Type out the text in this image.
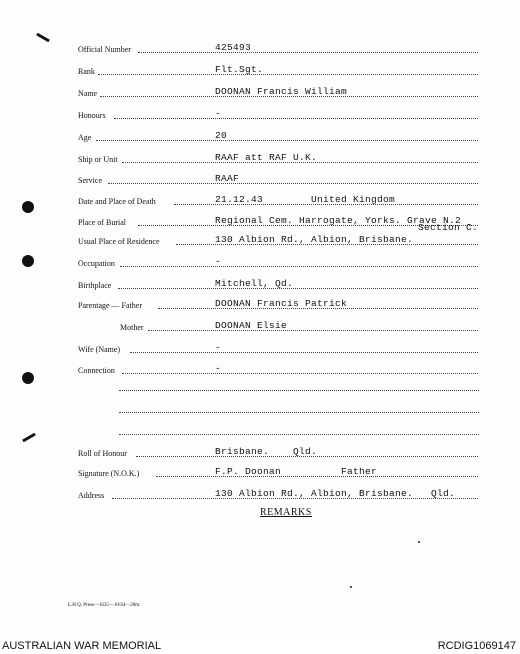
Official Number	425493
Rank	Flt.Sgt.
Name	DOONAN Francis William
Honours	-
Age	20
Ship or Unit	RAAF att RAF U.K.
Service	RAAF
Date and Place of Death	21.12.43        United Kingdom
Place of Burial	Regional Cem. Harrogate, Yorks. Grave N.2
Section C.
Usual Place of Residence	130 Albion Rd., Albion, Brisbane.
Occupation	-
Birthplace	Mitchell, Qd.
Parentage — Father	DOONAN Francis Patrick
Mother	DOONAN Elsie
Wife (Name)	-
Connection	-
Roll of Honour	Brisbane.    Qld.
Signature (N.O.K.)	F.P. Doonan          Father
Address	130 Albion Rd., Albion, Brisbane.   Qld.
REMARKS
L.H.Q. Press—1635—10/44—20m.
AUSTRALIAN WAR MEMORIAL	RCDIG1069147
